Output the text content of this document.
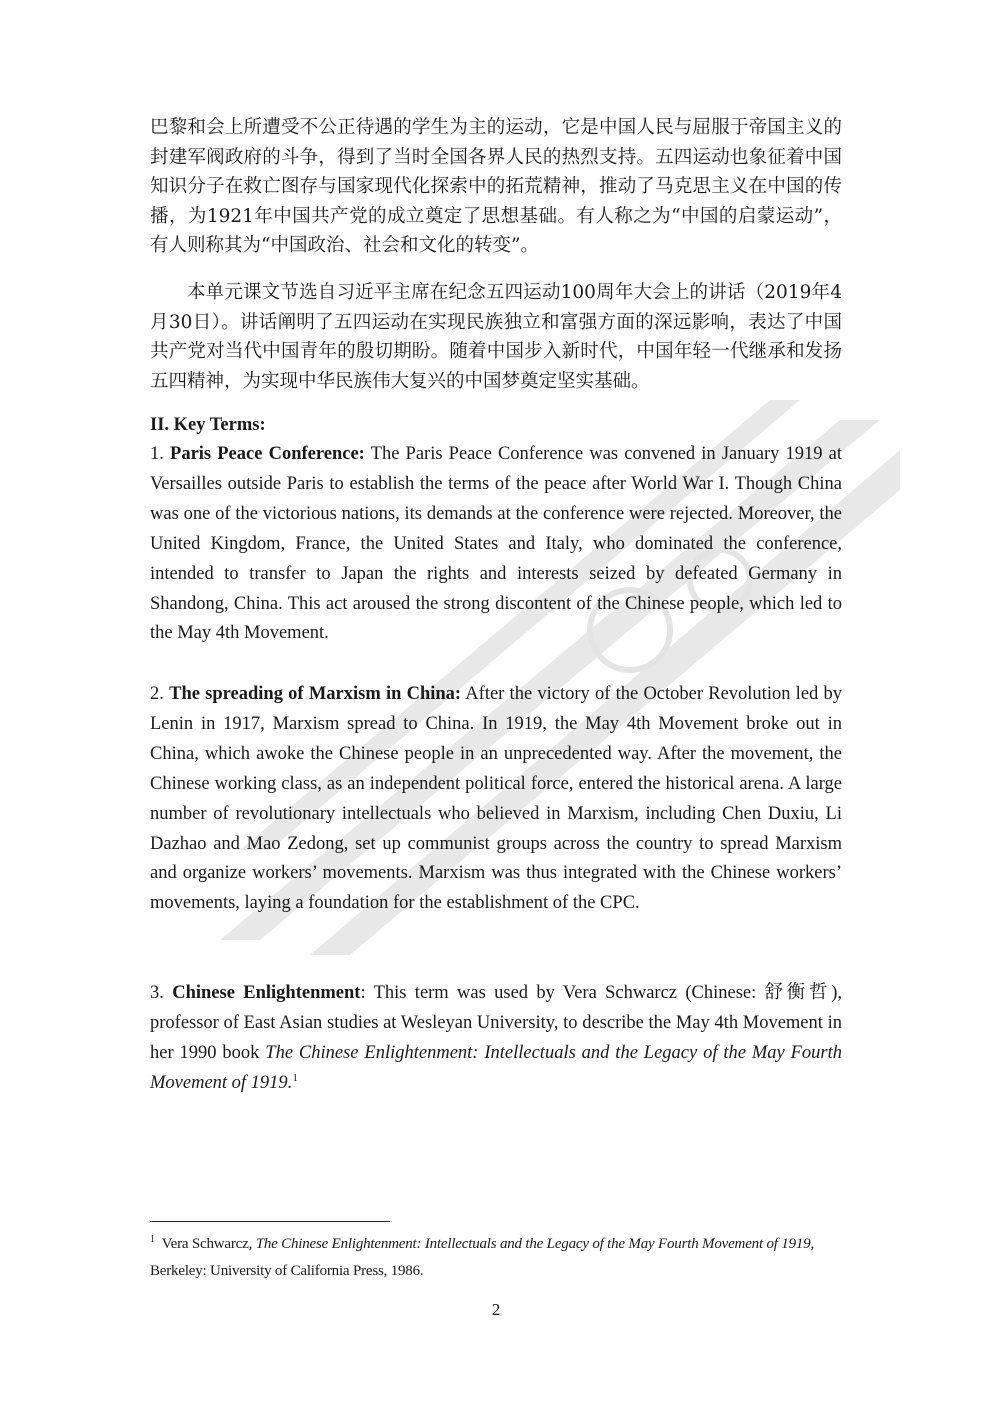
巴黎和会上所遭受不公正待遇的学生为主的运动，它是中国人民与屈服于帝国主义的封建军阀政府的斗争，得到了当时全国各界人民的热烈支持。五四运动也象征着中国知识分子在救亡图存与国家现代化探索中的拓荒精神，推动了马克思主义在中国的传播，为1921年中国共产党的成立奠定了思想基础。有人称之为“中国的启蒙运动”，有人则称其为“中国政治、社会和文化的转变”。

本单元课文节选自习近平主席在纪念五四运动100周年大会上的讲话（2019年4月30日）。讲话阐明了五四运动在实现民族独立和富强方面的深远影响，表达了中国共产党对当代中国青年的殷切期盼。随着中国步入新时代，中国年轻一代继承和发扬五四精神，为实现中华民族伟大复兴的中国梦奠定坚实基础。

II. Key Terms:

1. Paris Peace Conference: The Paris Peace Conference was convened in January 1919 at Versailles outside Paris to establish the terms of the peace after World War I. Though China was one of the victorious nations, its demands at the conference were rejected. Moreover, the United Kingdom, France, the United States and Italy, who dominated the conference, intended to transfer to Japan the rights and interests seized by defeated Germany in Shandong, China. This act aroused the strong discontent of the Chinese people, which led to the May 4th Movement.

2. The spreading of Marxism in China: After the victory of the October Revolution led by Lenin in 1917, Marxism spread to China. In 1919, the May 4th Movement broke out in China, which awoke the Chinese people in an unprecedented way. After the movement, the Chinese working class, as an independent political force, entered the historical arena. A large number of revolutionary intellectuals who believed in Marxism, including Chen Duxiu, Li Dazhao and Mao Zedong, set up communist groups across the country to spread Marxism and organize workers’ movements. Marxism was thus integrated with the Chinese workers’ movements, laying a foundation for the establishment of the CPC.

3. Chinese Enlightenment: This term was used by Vera Schwarcz (Chinese: 舒衡哲), professor of East Asian studies at Wesleyan University, to describe the May 4th Movement in her 1990 book The Chinese Enlightenment: Intellectuals and the Legacy of the May Fourth Movement of 1919.$^1$

$^1$ Vera Schwarcz, The Chinese Enlightenment: Intellectuals and the Legacy of the May Fourth Movement of 1919, Berkeley: University of California Press, 1986.

2
